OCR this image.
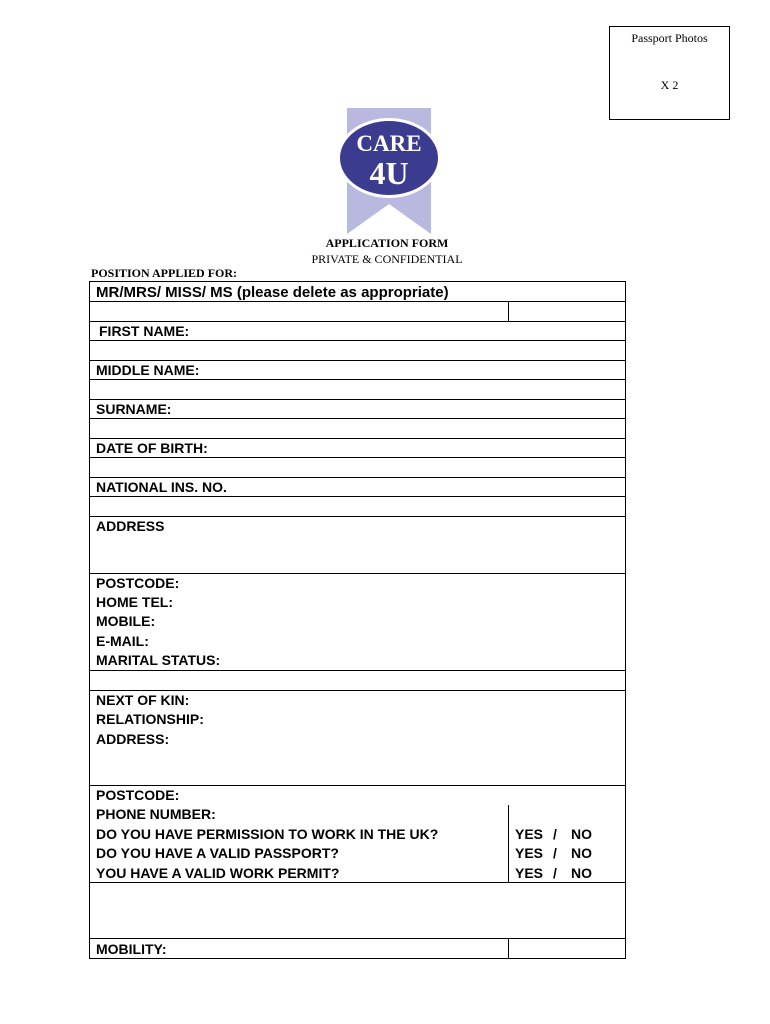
Passport Photos
X 2
CARE
4U
APPLICATION FORM
PRIVATE & CONFIDENTIAL
POSITION APPLIED FOR:
MR/MRS/ MISS/ MS (please delete as appropriate)
FIRST NAME:
MIDDLE NAME:
SURNAME:
DATE OF BIRTH:
NATIONAL INS. NO.
ADDRESS
POSTCODE:
HOME TEL:
MOBILE:
E-MAIL:
MARITAL STATUS:
NEXT OF KIN:
RELATIONSHIP:
ADDRESS:
POSTCODE:
PHONE NUMBER:
DO YOU HAVE PERMISSION TO WORK IN THE UK?
DO YOU HAVE A VALID PASSPORT?
YOU HAVE A VALID WORK PERMIT?
MOBILITY:
YES / NO
YES / NO
YES / NO
